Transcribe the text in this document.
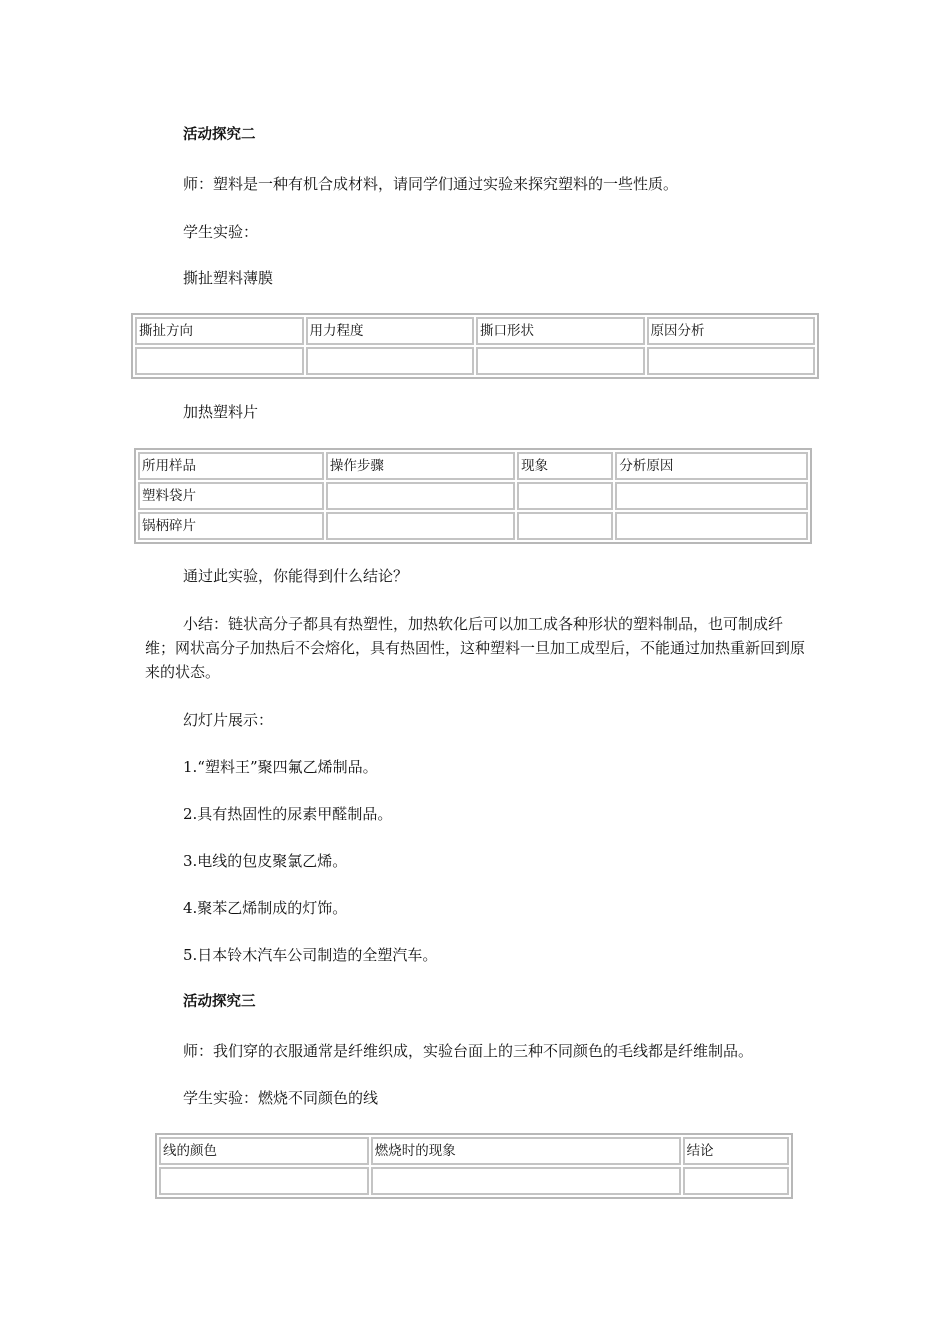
活动探究二
师：塑料是一种有机合成材料，请同学们通过实验来探究塑料的一些性质。
学生实验：
撕扯塑料薄膜
撕扯方向	用力程度	撕口形状	原因分析

加热塑料片
所用样品	操作步骤	现象	分析原因
塑料袋片			
锅柄碎片			
通过此实验，你能得到什么结论？
小结：链状高分子都具有热塑性，加热软化后可以加工成各种形状的塑料制品，也可制成纤维；网状高分子加热后不会熔化，具有热固性，这种塑料一旦加工成型后，不能通过加热重新回到原来的状态。
幻灯片展示：
1.“塑料王”聚四氟乙烯制品。
2.具有热固性的尿素甲醛制品。
3.电线的包皮聚氯乙烯。
4.聚苯乙烯制成的灯饰。
5.日本铃木汽车公司制造的全塑汽车。
活动探究三
师：我们穿的衣服通常是纤维织成，实验台面上的三种不同颜色的毛线都是纤维制品。
学生实验：燃烧不同颜色的线
线的颜色	燃烧时的现象	结论
